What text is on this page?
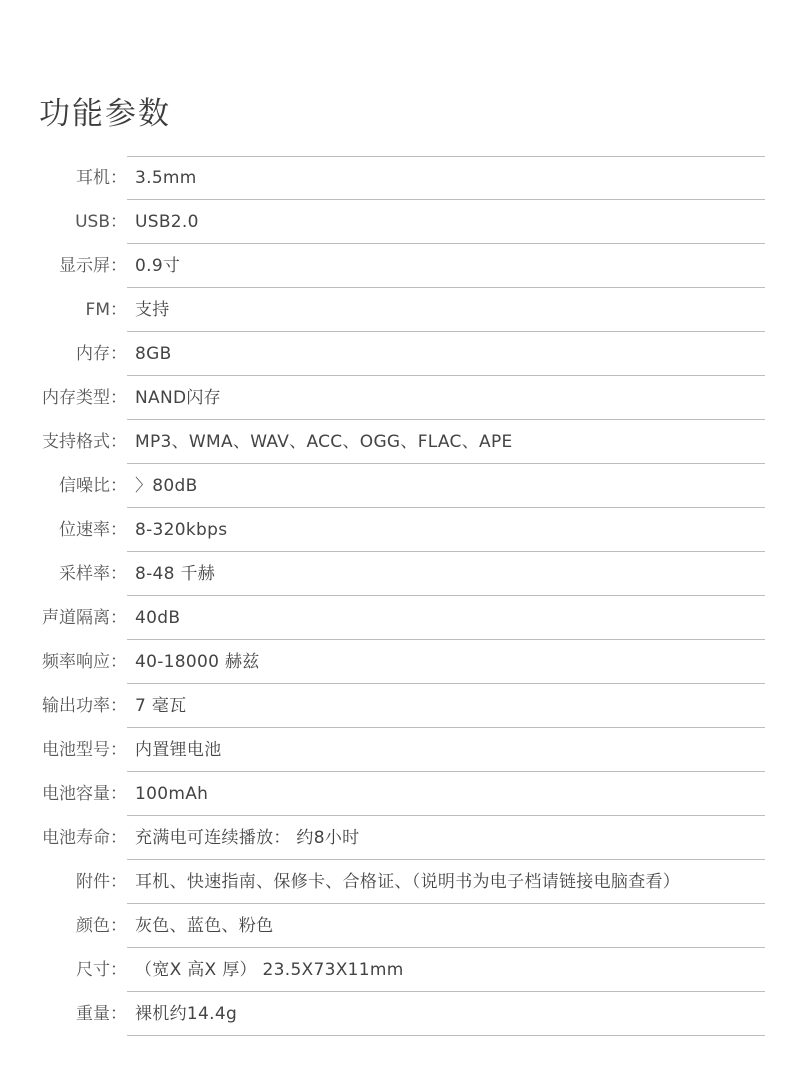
功能参数
耳机： 3.5mm
USB： USB2.0
显示屏： 0.9寸
FM： 支持
内存： 8GB
内存类型： NAND闪存
支持格式： MP3、WMA、WAV、ACC、OGG、FLAC、APE
信噪比： 〉80dB
位速率： 8-320kbps
采样率： 8-48 千赫
声道隔离： 40dB
频率响应： 40-18000 赫兹
输出功率： 7 毫瓦
电池型号： 内置锂电池
电池容量： 100mAh
电池寿命： 充满电可连续播放： 约8小时
附件： 耳机、快速指南、保修卡、合格证、（说明书为电子档请链接电脑查看）
颜色： 灰色、蓝色、粉色
尺寸： （宽X 高X 厚） 23.5X73X11mm
重量： 裸机约14.4g
